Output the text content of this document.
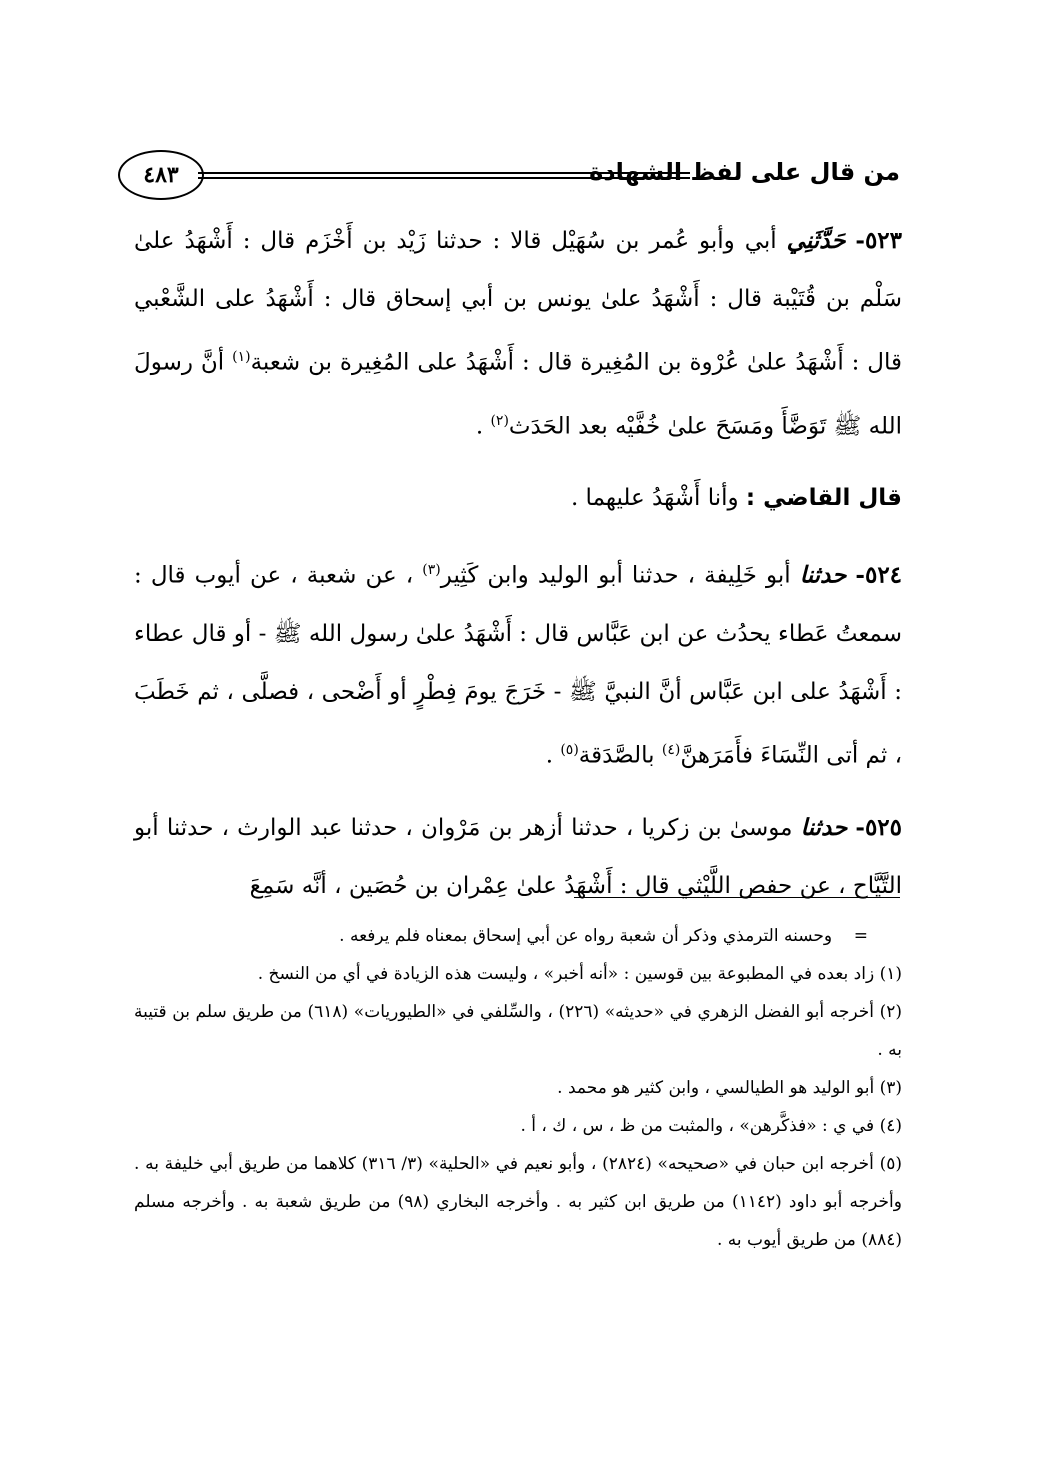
من قال على لفظ الشهادة
٤٨٣

٥٢٣- حَدَّثَنِي أبي وأبو عُمر بن سُهَيْل قالا : حدثنا زَيْد بن أَخْزَم قال : أَشْهَدُ علىٰ سَلْم بن قُتَيْبة قال : أَشْهَدُ علىٰ يونس بن أبي إسحاق قال : أَشْهَدُ على الشَّعْبي قال : أَشْهَدُ علىٰ عُرْوة بن المُغِيرة قال : أَشْهَدُ على المُغِيرة بن شعبة$^{(١)}$ أنَّ رسولَ الله ﷺ تَوَضَّأَ ومَسَحَ علىٰ خُفَّيْه بعد الحَدَث$^{(٢)}$ .

قال القاضي : وأنا أَشْهَدُ عليهما .

٥٢٤- حدثنا أبو خَلِيفة ، حدثنا أبو الوليد وابن كَثِير$^{(٣)}$ ، عن شعبة ، عن أيوب قال : سمعتُ عَطاء يحدُث عن ابن عَبَّاس قال : أَشْهَدُ علىٰ رسول الله ﷺ - أو قال عطاء : أَشْهَدُ على ابن عَبَّاس أنَّ النبيَّ ﷺ - خَرَجَ يومَ فِطْرٍ أو أَضْحى ، فصلَّى ، ثم خَطَبَ ، ثم أتى النِّسَاءَ فأَمَرَهنَّ$^{(٤)}$ بالصَّدَقة$^{(٥)}$ .

٥٢٥- حدثنا موسىٰ بن زكريا ، حدثنا أزهر بن مَرْوان ، حدثنا عبد الوارث ، حدثنا أبو التَّيَّاح ، عن حفص اللَّيْثي قال : أَشْهَدُ علىٰ عِمْران بن حُصَين ، أنَّه سَمِعَ

=    وحسنه الترمذي وذكر أن شعبة رواه عن أبي إسحاق بمعناه فلم يرفعه .

(١) زاد بعده في المطبوعة بين قوسين : «أنه أخبر» ، وليست هذه الزيادة في أي من النسخ .

(٢) أخرجه أبو الفضل الزهري في «حديثه» (٢٢٦) ، والسِّلفي في «الطيوريات» (٦١٨) من طريق سلم بن قتيبة به .

(٣) أبو الوليد هو الطيالسي ، وابن كثير هو محمد .

(٤) في ي : «فذكَّرهن» ، والمثبت من ظ ، س ، ك ، أ .

(٥) أخرجه ابن حبان في «صحيحه» (٢٨٢٤) ، وأبو نعيم في «الحلية» (٣/ ٣١٦) كلاهما من طريق أبي خليفة به . وأخرجه أبو داود (١١٤٢) من طريق ابن كثير به . وأخرجه البخاري (٩٨) من طريق شعبة به . وأخرجه مسلم (٨٨٤) من طريق أيوب به .
